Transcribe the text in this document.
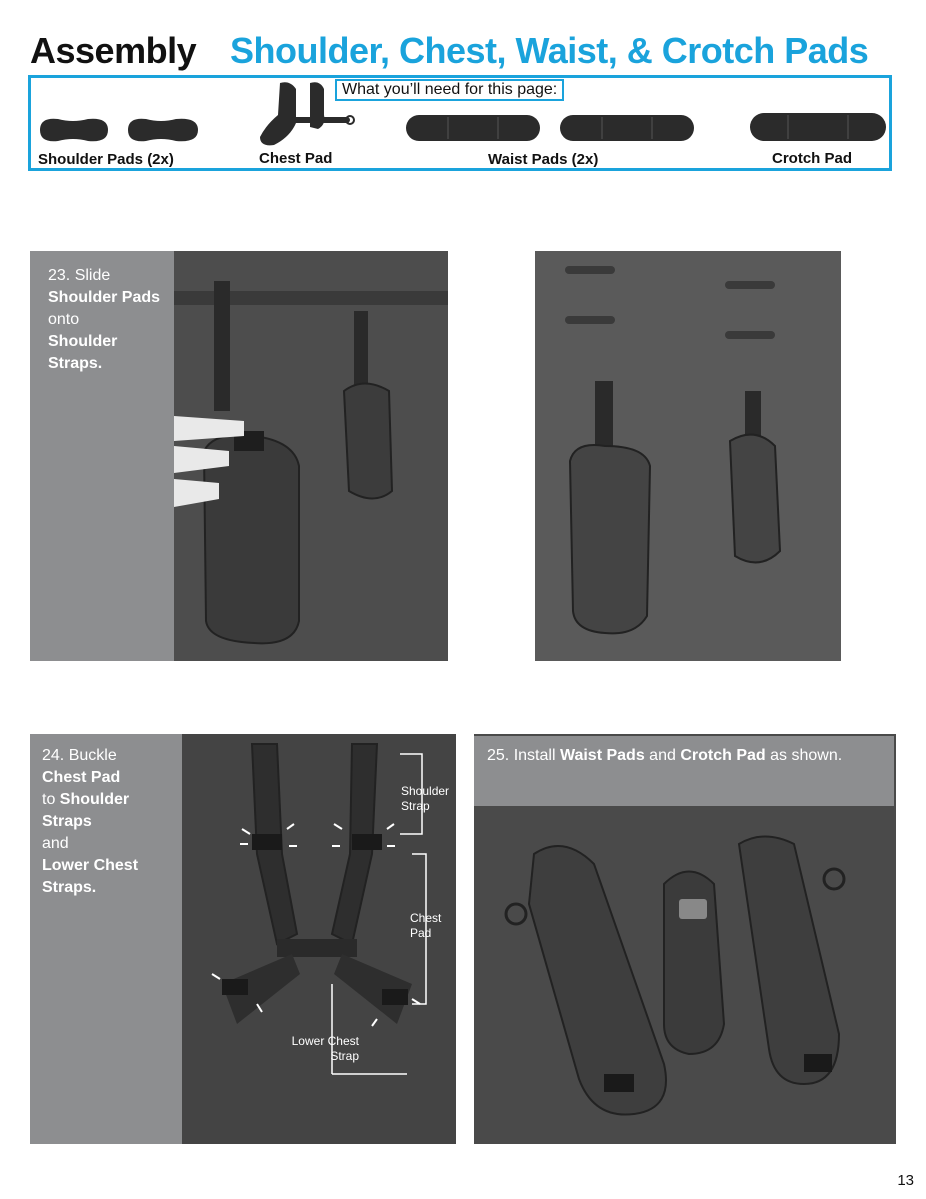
Assembly Shoulder, Chest, Waist, & Crotch Pads
What you’ll need for this page:
Shoulder Pads (2x)	Chest Pad	Waist Pads (2x)	Crotch Pad
23. Slide
Shoulder Pads onto
Shoulder Straps.
24. Buckle
Chest Pad
to Shoulder Straps
and
Lower Chest Straps.
Shoulder
Strap
Chest
Pad
Lower Chest
Strap
25. Install Waist Pads and Crotch Pad as shown.
13
